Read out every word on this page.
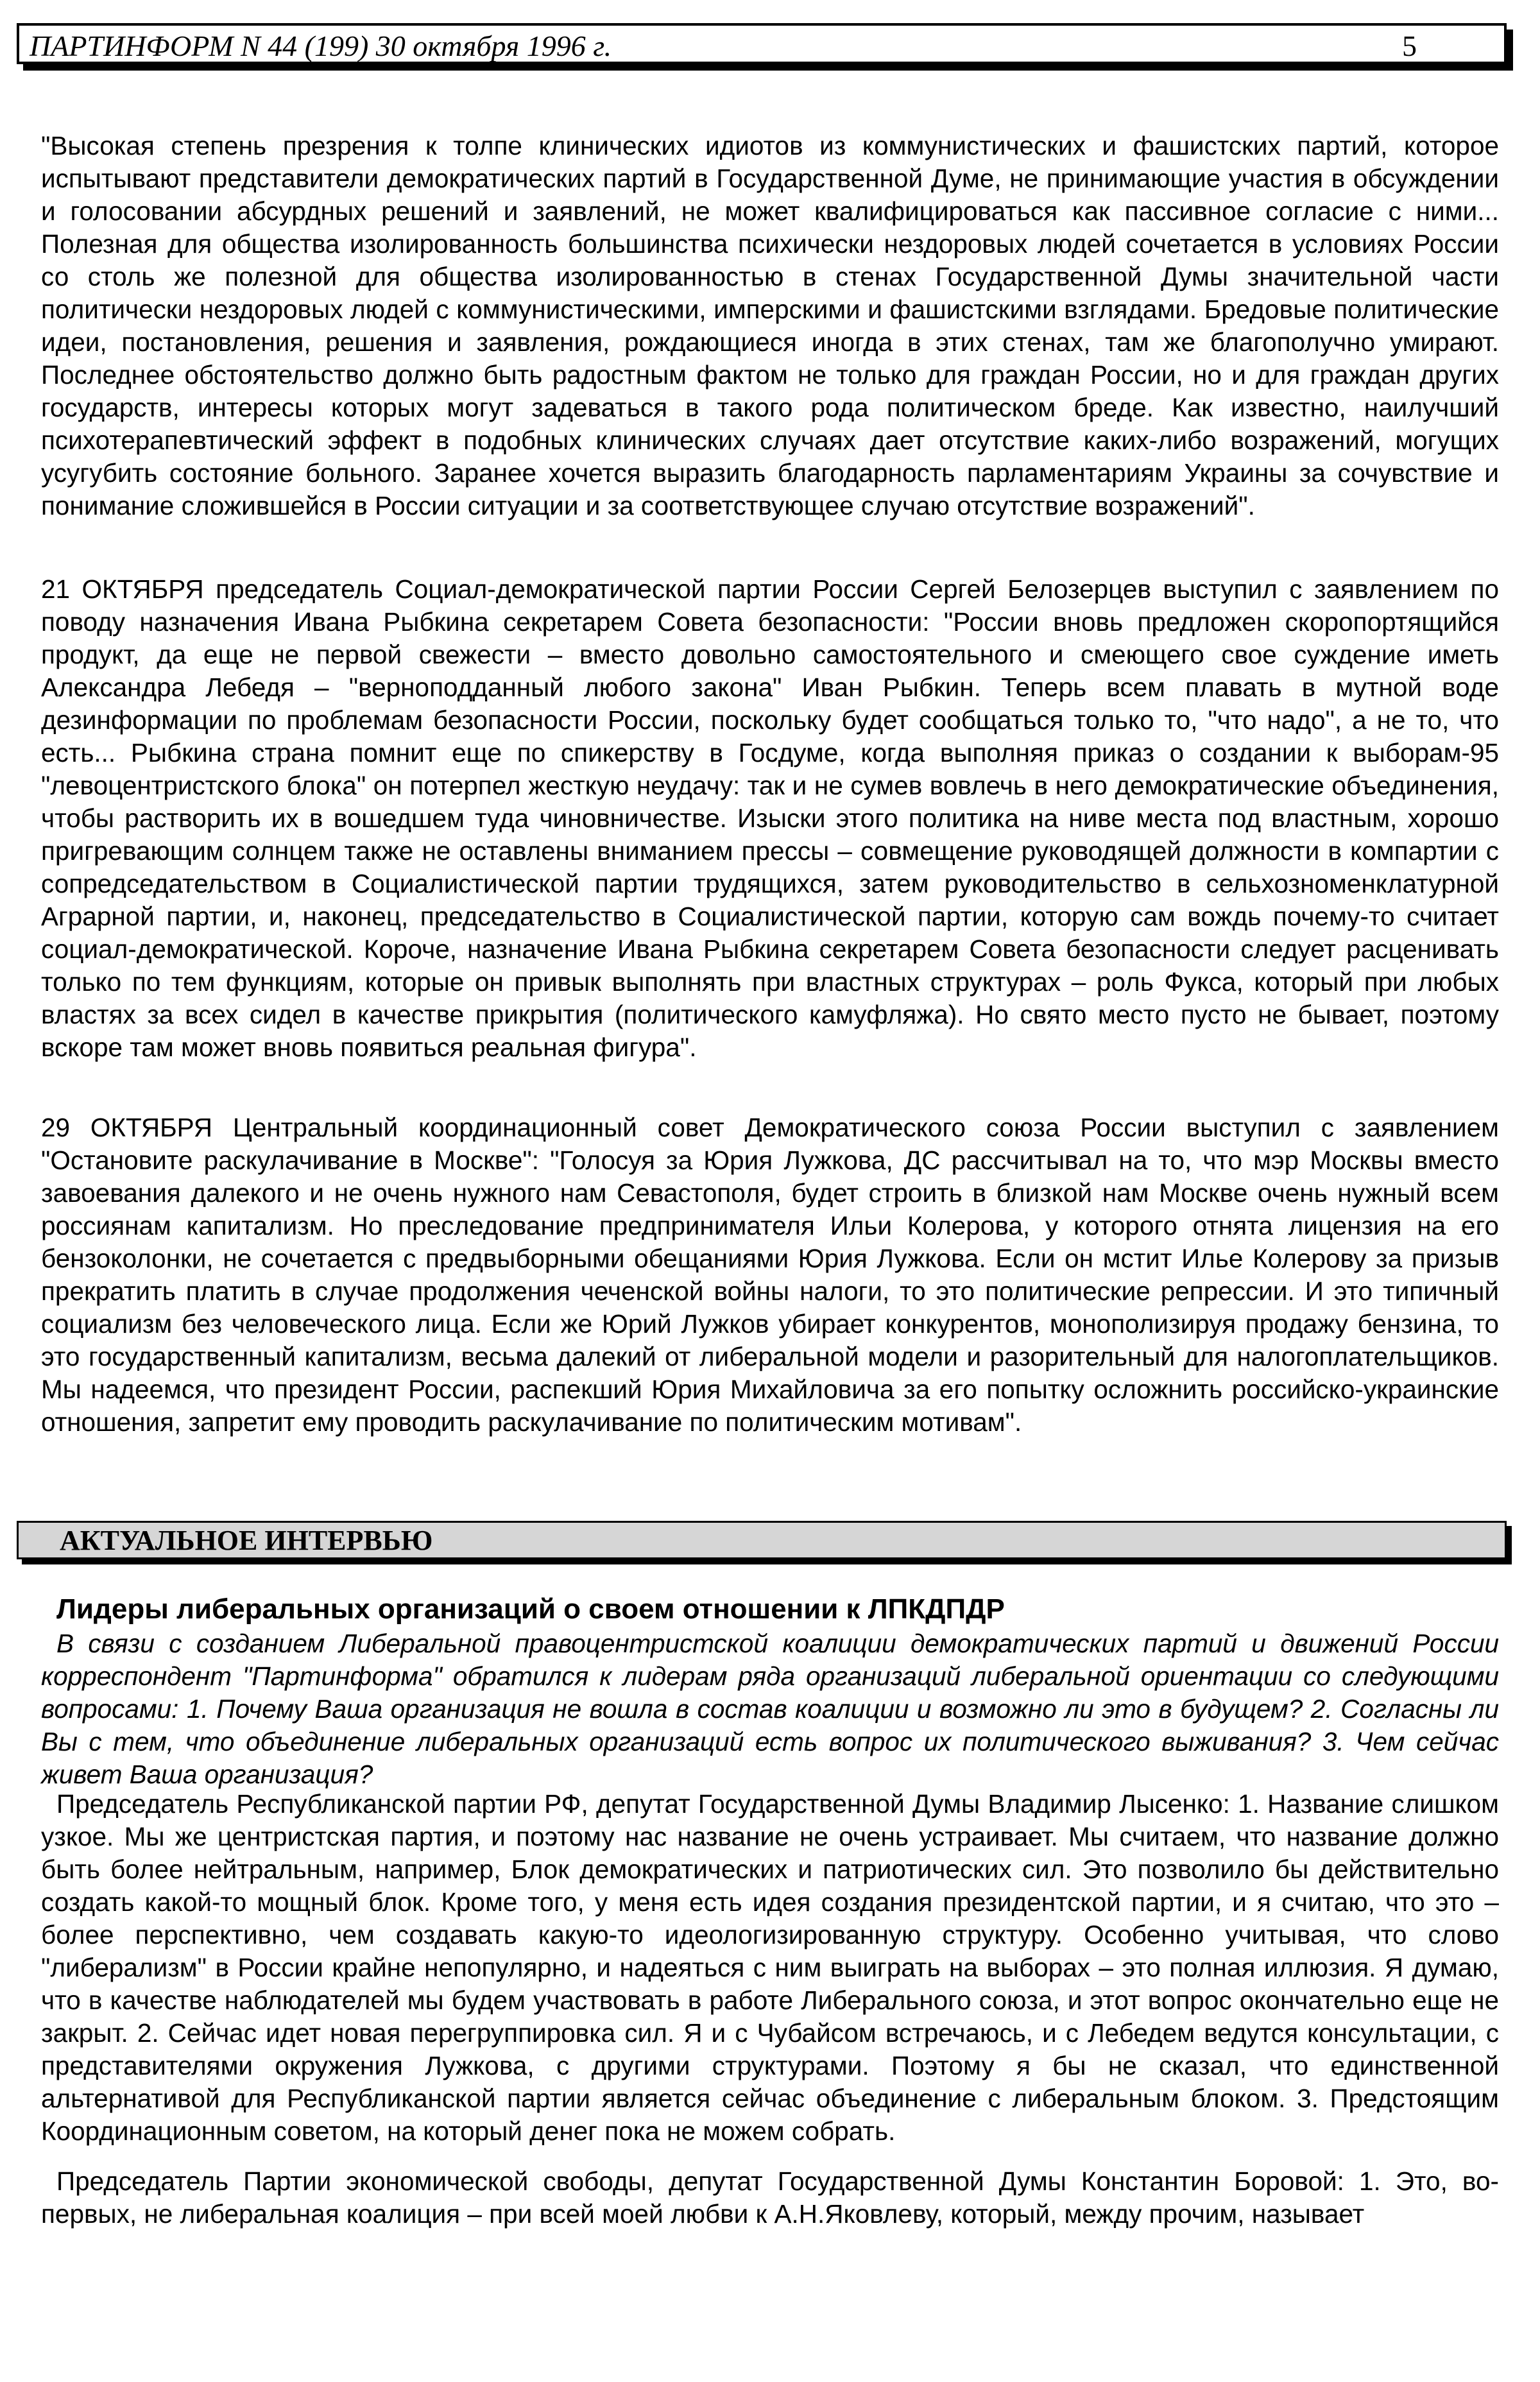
ПАРТИНФОРМ N 44 (199) 30 октября 1996 г.	5

"Высокая степень презрения к толпе клинических идиотов из коммунистических и фашистских партий, которое испытывают представители демократических партий в Государственной Думе, не принимающие участия в обсуждении и голосовании абсурдных решений и заявлений, не может квалифицироваться как пассивное согласие с ними... Полезная для общества изолированность большинства психически нездоровых людей сочетается в условиях России со столь же полезной для общества изолированностью в стенах Государственной Думы значительной части политически нездоровых людей с коммунистическими, имперскими и фашистскими взглядами. Бредовые политические идеи, постановления, решения и заявления, рождающиеся иногда в этих стенах, там же благополучно умирают. Последнее обстоятельство должно быть радостным фактом не только для граждан России, но и для граждан других государств, интересы которых могут задеваться в такого рода политическом бреде. Как известно, наилучший психотерапевтический эффект в подобных клинических случаях дает отсутствие каких-либо возражений, могущих усугубить состояние больного. Заранее хочется выразить благодарность парламентариям Украины за сочувствие и понимание сложившейся в России ситуации и за соответствующее случаю отсутствие возражений".

21 ОКТЯБРЯ председатель Социал-демократической партии России Сергей Белозерцев выступил с заявлением по поводу назначения Ивана Рыбкина секретарем Совета безопасности: "России вновь предложен скоропортящийся продукт, да еще не первой свежести – вместо довольно самостоятельного и смеющего свое суждение иметь Александра Лебедя – "верноподданный любого закона" Иван Рыбкин. Теперь всем плавать в мутной воде дезинформации по проблемам безопасности России, поскольку будет сообщаться только то, "что надо", а не то, что есть... Рыбкина страна помнит еще по спикерству в Госдуме, когда выполняя приказ о создании к выборам-95 "левоцентристского блока" он потерпел жесткую неудачу: так и не сумев вовлечь в него демократические объединения, чтобы растворить их в вошедшем туда чиновничестве. Изыски этого политика на ниве места под властным, хорошо пригревающим солнцем также не оставлены вниманием прессы – совмещение руководящей должности в компартии с сопредседательством в Социалистической партии трудящихся, затем руководительство в сельхозноменклатурной Аграрной партии, и, наконец, председательство в Социалистической партии, которую сам вождь почему-то считает социал-демократической. Короче, назначение Ивана Рыбкина секретарем Совета безопасности следует расценивать только по тем функциям, которые он привык выполнять при властных структурах – роль Фукса, который при любых властях за всех сидел в качестве прикрытия (политического камуфляжа). Но свято место пусто не бывает, поэтому вскоре там может вновь появиться реальная фигура".

29 ОКТЯБРЯ Центральный координационный совет Демократического союза России выступил с заявлением "Остановите раскулачивание в Москве": "Голосуя за Юрия Лужкова, ДС рассчитывал на то, что мэр Москвы вместо завоевания далекого и не очень нужного нам Севастополя, будет строить в близкой нам Москве очень нужный всем россиянам капитализм. Но преследование предпринимателя Ильи Колерова, у которого отнята лицензия на его бензоколонки, не сочетается с предвыборными обещаниями Юрия Лужкова. Если он мстит Илье Колерову за призыв прекратить платить в случае продолжения чеченской войны налоги, то это политические репрессии. И это типичный социализм без человеческого лица. Если же Юрий Лужков убирает конкурентов, монополизируя продажу бензина, то это государственный капитализм, весьма далекий от либеральной модели и разорительный для налогоплательщиков. Мы надеемся, что президент России, распекший Юрия Михайловича за его попытку осложнить российско-украинские отношения, запретит ему проводить раскулачивание по политическим мотивам".

АКТУАЛЬНОЕ ИНТЕРВЬЮ
Лидеры либеральных организаций о своем отношении к ЛПКДПДР

В связи с созданием Либеральной правоцентристской коалиции демократических партий и движений России корреспондент "Партинформа" обратился к лидерам ряда организаций либеральной ориентации со следующими вопросами: 1. Почему Ваша организация не вошла в состав коалиции и возможно ли это в будущем? 2. Согласны ли Вы с тем, что объединение либеральных организаций есть вопрос их политического выживания? 3. Чем сейчас живет Ваша организация?

Председатель Республиканской партии РФ, депутат Государственной Думы Владимир Лысенко: 1. Название слишком узкое. Мы же центристская партия, и поэтому нас название не очень устраивает. Мы считаем, что название должно быть более нейтральным, например, Блок демократических и патриотических сил. Это позволило бы действительно создать какой-то мощный блок. Кроме того, у меня есть идея создания президентской партии, и я считаю, что это – более перспективно, чем создавать какую-то идеологизированную структуру. Особенно учитывая, что слово "либерализм" в России крайне непопулярно, и надеяться с ним выиграть на выборах – это полная иллюзия. Я думаю, что в качестве наблюдателей мы будем участвовать в работе Либерального союза, и этот вопрос окончательно еще не закрыт. 2. Сейчас идет новая перегруппировка сил. Я и с Чубайсом встречаюсь, и с Лебедем ведутся консультации, с представителями окружения Лужкова, с другими структурами. Поэтому я бы не сказал, что единственной альтернативой для Республиканской партии является сейчас объединение с либеральным блоком. 3. Предстоящим Координационным советом, на который денег пока не можем собрать.

Председатель Партии экономической свободы, депутат Государственной Думы Константин Боровой: 1. Это, во-первых, не либеральная коалиция – при всей моей любви к А.Н.Яковлеву, который, между прочим, называет
